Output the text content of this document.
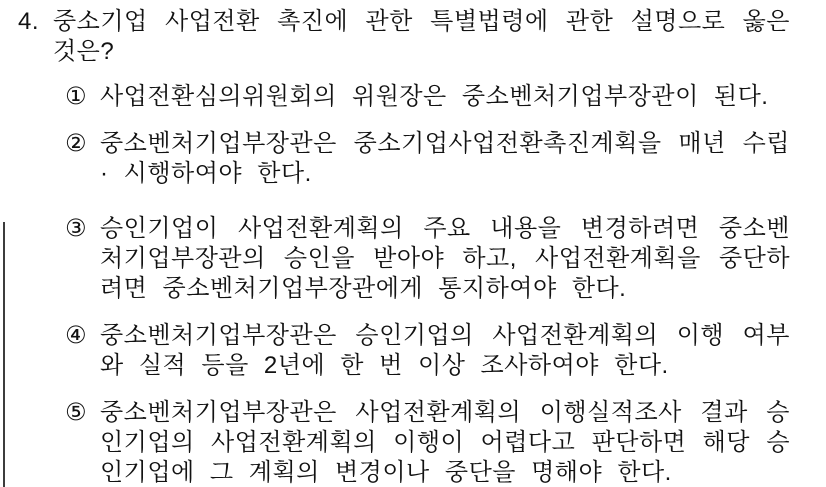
4. 중소기업 사업전환 촉진에 관한 특별법령에 관한 설명으로 옳은 것은?
① 사업전환심의위원회의 위원장은 중소벤처기업부장관이 된다.
② 중소벤처기업부장관은 중소기업사업전환촉진계획을 매년 수립 · 시행하여야 한다.
③ 승인기업이 사업전환계획의 주요 내용을 변경하려면 중소벤처기업부장관의 승인을 받아야 하고, 사업전환계획을 중단하려면 중소벤처기업부장관에게 통지하여야 한다.
④ 중소벤처기업부장관은 승인기업의 사업전환계획의 이행 여부와 실적 등을 2년에 한 번 이상 조사하여야 한다.
⑤ 중소벤처기업부장관은 사업전환계획의 이행실적조사 결과 승인기업의 사업전환계획의 이행이 어렵다고 판단하면 해당 승인기업에 그 계획의 변경이나 중단을 명해야 한다.
